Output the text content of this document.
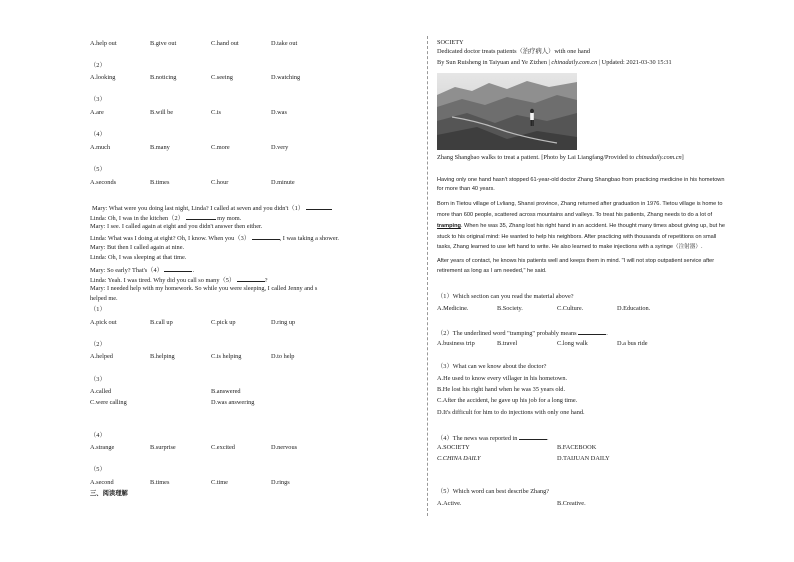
A.help out	B.give out	C.hand out	D.take out
（2）
A.looking	B.noticing	C.seeing	D.watching
（3）
A.are	B.will be	C.is	D.was
（4）
A.much	B.many	C.more	D.very
（5）
A.seconds	B.times	C.hour	D.minute
Mary: What were you doing last night, Linda? I called at seven and you didn't（1）
Linda: Oh, I was in the kitchen（2）	my mom.
Mary: I see. I called again at eight and you didn't answer then either.
Linda: What was I doing at eight? Oh, I know. When you（3）	, I was taking a shower.
Mary: But then I called again at nine.
Linda: Oh, I was sleeping at that time.
Mary: So early? That's（4）	.
Linda: Yeah. I was tired. Why did you call so many（5）	?
Mary: I needed help with my homework. So while you were sleeping, I called Jenny and s
helped me.
（1）
A.pick out	B.call up	C.pick up	D.ring up
（2）
A.helped	B.helping	C.is helping	D.to help
（3）
A.called	B.answered
C.were calling	D.was answering
（4）
A.strange	B.surprise	C.excited	D.nervous
（5）
A.second	B.times	C.time	D.rings
三、阅读理解
SOCIETY
Dedicated doctor treats patients（治疗病人）with one hand
By Sun Ruisheng in Taiyuan and Ye Zizhen | chinadaily.com.cn | Updated: 2021-03-30 15:31
Zhang Shangbao walks to treat a patient. [Photo by Lai Liangfang/Provided to chinadaily.com.cn]
Having only one hand hasn't stopped 61-year-old doctor Zhang Shangbao from practicing medicine in his hometown
for more than 40 years.
Born in Tietou village of Lvliang, Shanxi province, Zhang returned after graduation in 1976. Tietou village is home to
more than 600 people, scattered across mountains and valleys. To treat his patients, Zhang needs to do a lot of
tramping. When he was 35, Zhang lost his right hand in an accident. He thought many times about giving up, but he
stuck to his original mind: He wanted to help his neighbors. After practicing with thousands of repetitions on small
tasks, Zhang learned to use left hand to write. He also learned to make injections with a syringe（注射器）.
After years of contact, he knows his patients well and keeps them in mind. "I will not stop outpatient service after
retirement as long as I am needed," he said.
（1）Which section can you read the material above?
A.Medicine.	B.Society.	C.Culture.	D.Education.
（2）The underlined word "tramping" probably means	.
A.business trip	B.travel	C.long walk	D.a bus ride
（3）What can we know about the doctor?
A.He used to know every villager in his hometown.
B.He lost his right hand when he was 35 years old.
C.After the accident, he gave up his job for a long time.
D.It's difficult for him to do injections with only one hand.
（4）The news was reported in	.
A.SOCIETY	B.FACEBOOK
C.CHINA DAILY	D.TAIJUAN DAILY
（5）Which word can best describe Zhang?
A.Active.	B.Creative.
